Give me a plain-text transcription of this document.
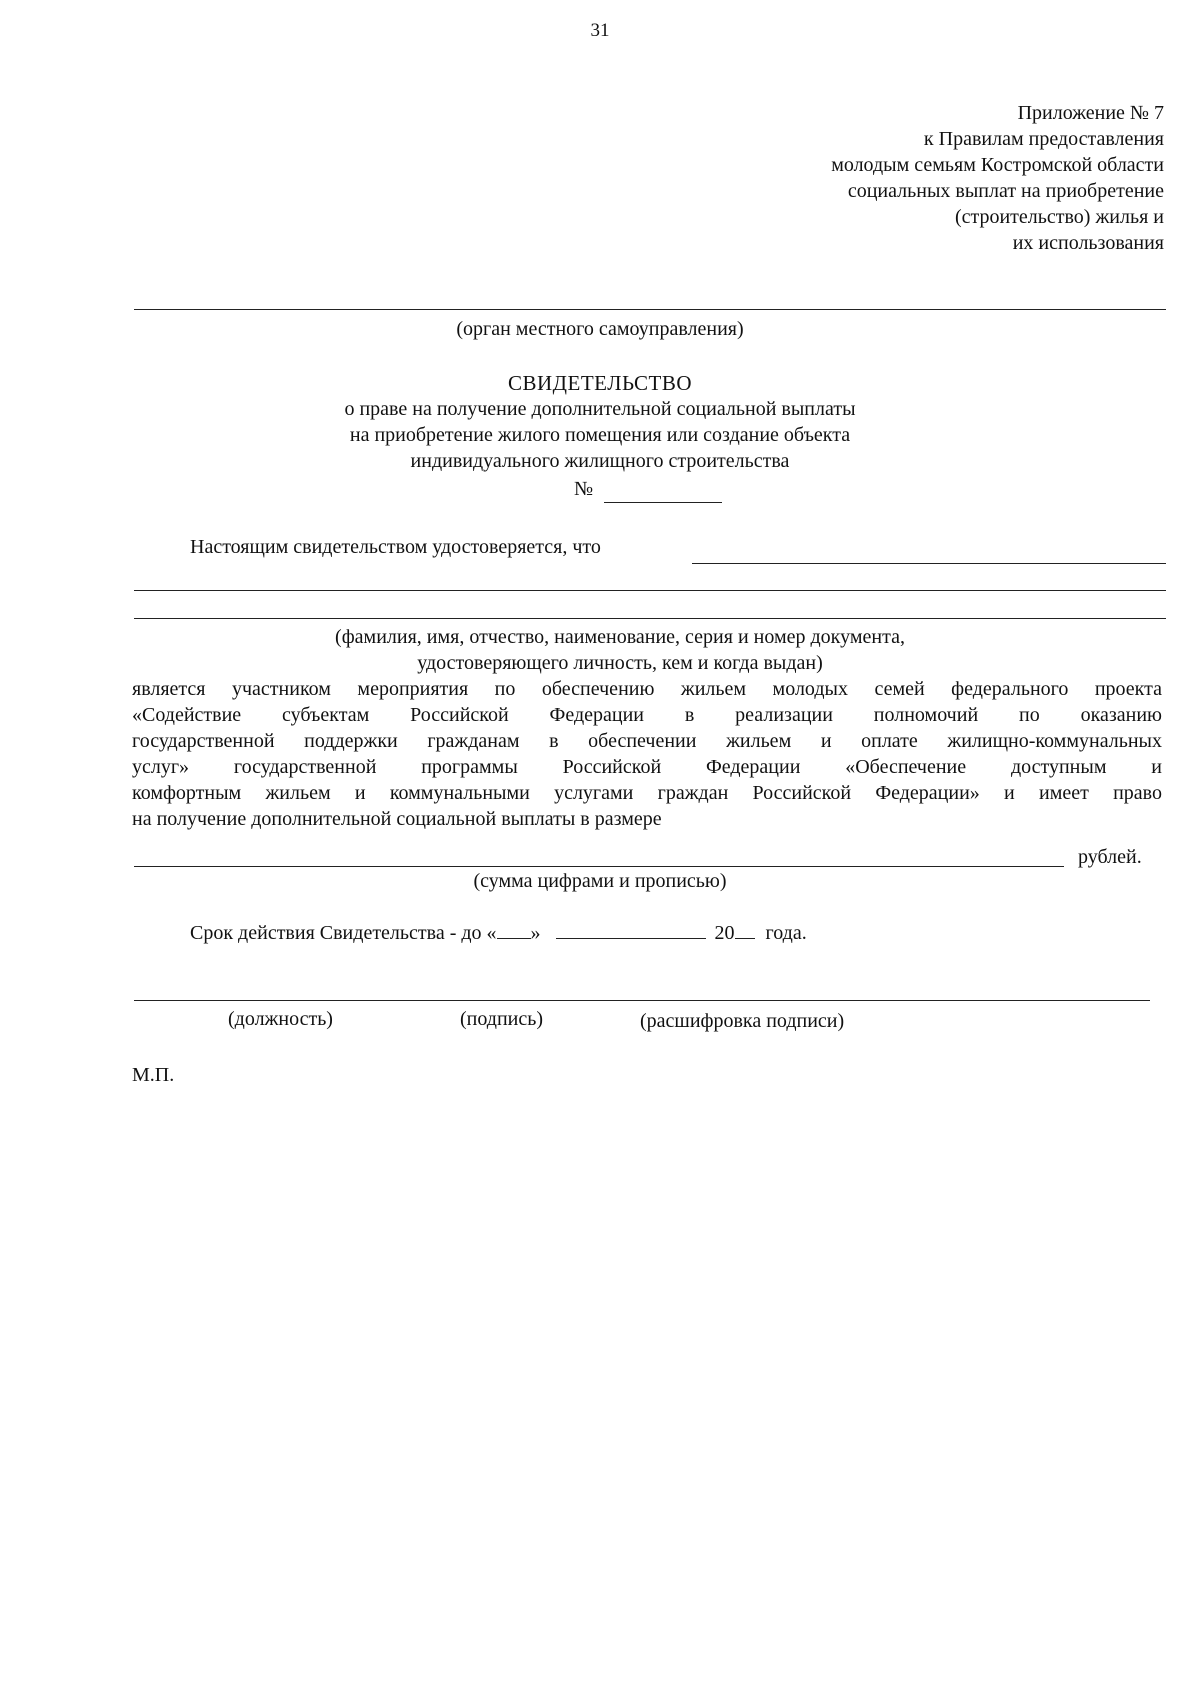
31
Приложение № 7
к Правилам предоставления
молодым семьям Костромской области
социальных выплат на приобретение
(строительство) жилья и
их использования
(орган местного самоуправления)
СВИДЕТЕЛЬСТВО
о праве на получение дополнительной социальной выплаты
на приобретение жилого помещения или создание объекта
индивидуального жилищного строительства
№
Настоящим свидетельством удостоверяется, что
(фамилия, имя, отчество, наименование, серия и номер документа,
удостоверяющего личность, кем и когда выдан)
является участником мероприятия по обеспечению жильем молодых семей федерального проекта
«Содействие субъектам Российской Федерации в реализации полномочий по оказанию
государственной поддержки гражданам в обеспечении жильем и оплате жилищно-коммунальных
услуг» государственной программы Российской Федерации «Обеспечение доступным и
комфортным жильем и коммунальными услугами граждан Российской Федерации» и имеет право
на получение дополнительной социальной выплаты в размере
рублей.
(сумма цифрами и прописью)
Срок действия Свидетельства - до « »	20 года.
(должность)	(подпись)	(расшифровка подписи)
М.П.
